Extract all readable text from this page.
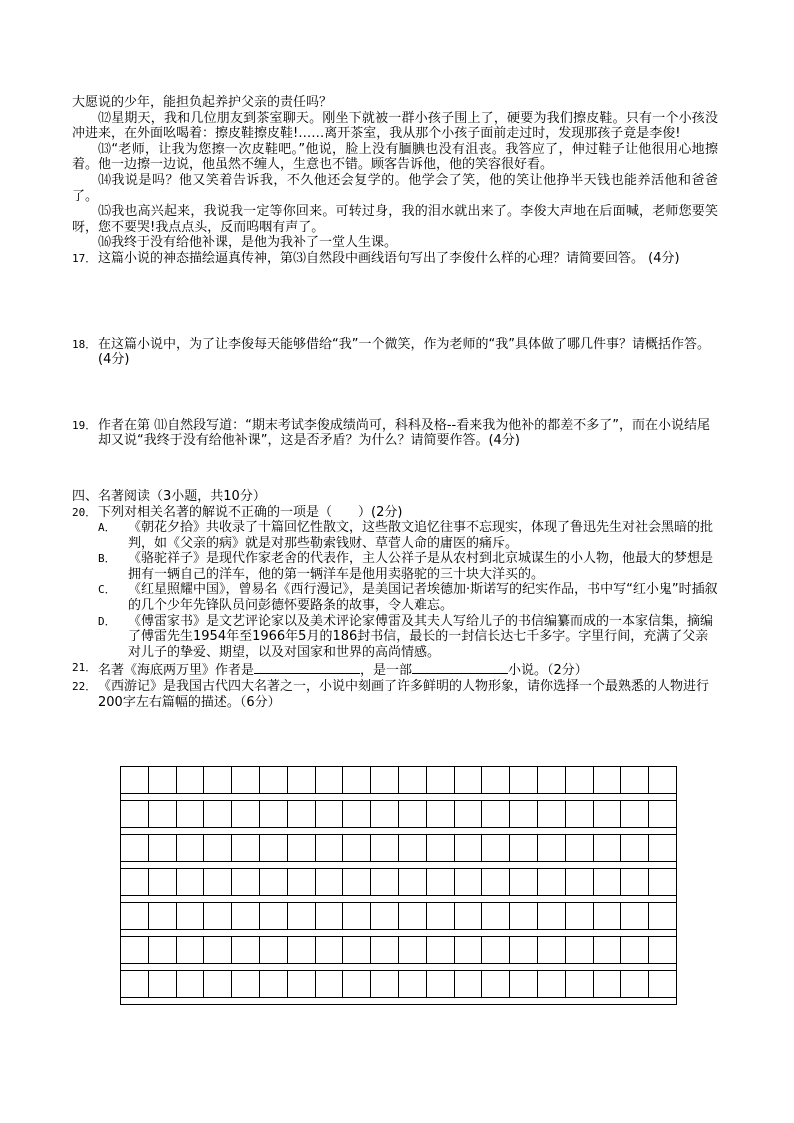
大愿说的少年，能担负起养护父亲的责任吗？

⑿星期天，我和几位朋友到茶室聊天。刚坐下就被一群小孩子围上了，硬要为我们擦皮鞋。只有一个小孩没冲进来，在外面吆喝着：擦皮鞋擦皮鞋!……离开茶室，我从那个小孩子面前走过时，发现那孩子竟是李俊!

⒀“老师，让我为您擦一次皮鞋吧。”他说，脸上没有腼腆也没有沮丧。我答应了，伸过鞋子让他很用心地擦着。他一边擦一边说，他虽然不缠人，生意也不错。顾客告诉他，他的笑容很好看。

⒁我说是吗？他又笑着告诉我，不久他还会复学的。他学会了笑，他的笑让他挣半天钱也能养活他和爸爸了。

⒂我也高兴起来，我说我一定等你回来。可转过身，我的泪水就出来了。李俊大声地在后面喊，老师您要笑呀，您不要哭!我点点头，反而呜咽有声了。

⒃我终于没有给他补课，是他为我补了一堂人生课。

17． 这篇小说的神态描绘逼真传神，第⑶自然段中画线语句写出了李俊什么样的心理？请简要回答。 (4分)
18． 在这篇小说中，为了让李俊每天能够借给“我”一个微笑，作为老师的“我”具体做了哪几件事？请概括作答。(4分)
19． 作者在第 ⑾自然段写道：“期末考试李俊成绩尚可，科科及格--看来我为他补的都差不多了”，而在小说结尾却又说“我终于没有给他补课”，这是否矛盾？为什么？请简要作答。(4分)

四、名著阅读（3小题，共10分）

20． 下列对相关名著的解说不正确的一项是（　　）(2分)
A． 《朝花夕拾》共收录了十篇回忆性散文，这些散文追忆往事不忘现实，体现了鲁迅先生对社会黑暗的批判，如《父亲的病》就是对那些勒索钱财、草菅人命的庸医的痛斥。
B． 《骆驼祥子》是现代作家老舍的代表作，主人公祥子是从农村到北京城谋生的小人物，他最大的梦想是拥有一辆自己的洋车，他的第一辆洋车是他用卖骆驼的三十块大洋买的。
C． 《红星照耀中国》，曾易名《西行漫记》，是美国记者埃德加·斯诺写的纪实作品，书中写“红小鬼”时插叙的几个少年先锋队员问彭德怀要路条的故事，令人难忘。
D． 《傅雷家书》是文艺评论家以及美术评论家傅雷及其夫人写给儿子的书信编纂而成的一本家信集，摘编了傅雷先生1954年至1966年5月的186封书信，最长的一封信长达七千多字。字里行间，充满了父亲对儿子的挚爱、期望，以及对国家和世界的高尚情感。
21． 名著《海底两万里》作者是	，是一部	小说。（2分）
22． 《西游记》是我国古代四大名著之一，小说中刻画了许多鲜明的人物形象，请你选择一个最熟悉的人物进行200字左右篇幅的描述。（6分）
